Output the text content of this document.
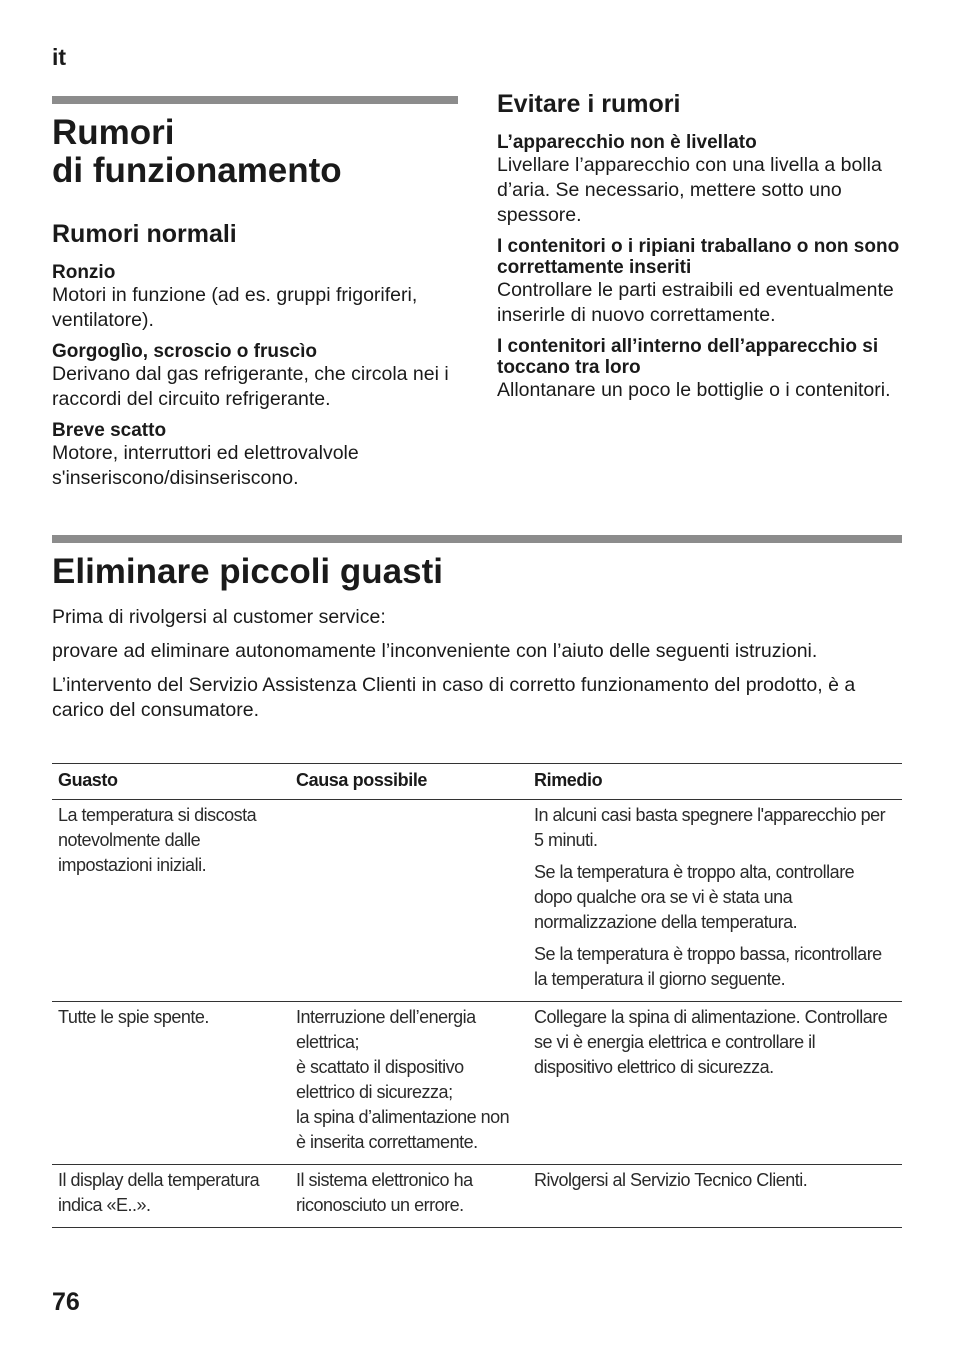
it
Rumori
di funzionamento
Rumori normali
Ronzio
Motori in funzione (ad es. gruppi frigoriferi, ventilatore).
Gorgoglìo, scroscio o fruscìo
Derivano dal gas refrigerante, che circola nei i raccordi del circuito refrigerante.
Breve scatto
Motore, interruttori ed elettrovalvole s'inseriscono/disinseriscono.
Evitare i rumori
L’apparecchio non è livellato
Livellare l’apparecchio con una livella a bolla d’aria. Se necessario, mettere sotto uno spessore.
I contenitori o i ripiani traballano o non sono correttamente inseriti
Controllare le parti estraibili ed eventualmente inserirle di nuovo correttamente.
I contenitori all’interno dell’apparecchio si toccano tra loro
Allontanare un poco le bottiglie o i contenitori.
Eliminare piccoli guasti

Prima di rivolgersi al customer service:

provare ad eliminare autonomamente l’inconveniente con l’aiuto delle seguenti istruzioni.

L’intervento del Servizio Assistenza Clienti in caso di corretto funzionamento del prodotto, è a carico del consumatore.

Guasto	Causa possibile	Rimedio
La temperatura si discosta notevolmente dalle impostazioni iniziali.		In alcuni casi basta spegnere l'apparecchio per 5 minuti.

Se la temperatura è troppo alta, controllare dopo qualche ora se vi è stata una normalizzazione della temperatura.

Se la temperatura è troppo bassa, ricontrollare la temperatura il giorno seguente.

Tutte le spie spente.	Interruzione dell’energia elettrica;
è scattato il dispositivo elettrico di sicurezza;
la spina d’alimentazione non è inserita correttamente.	Collegare la spina di alimentazione. Controllare se vi è energia elettrica e controllare il dispositivo elettrico di sicurezza.

Il display della temperatura indica «E..».	Il sistema elettronico ha riconosciuto un errore.	Rivolgersi al Servizio Tecnico Clienti.

76
